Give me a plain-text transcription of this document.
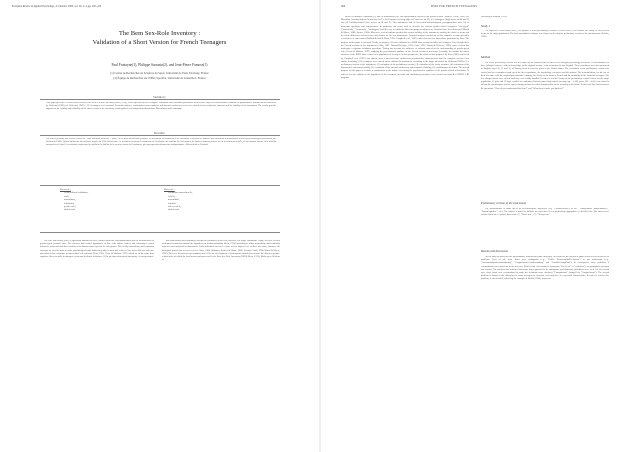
European Review of Applied Psychology, 4ᵉ trimestre 2006, vol. 56, nᵒ 4, pp. 405–416
The Bem Sex-Role Inventory :
Validation of a Short Version for French Teenagers
Paul Fontayne(1), Philippe Sarrazin(2), and Jean-Pierre Famose(1)
(1) Centre de Recherches en Sciences du Sport, Université de Paris XI-Orsay, France
(2) Équipe de Recherches sur l'Offre Sportive, Université de Grenoble I, France
Summary
This paper presents a French short version of the Bem Sex-Role Inventory (Bem, 1974), tested specifically for teenagers. Translation and validation procedures followed the steps for cross-cultural validation of psychometric instruments as advocated by Vallerand (1989) (cf. Vallerand, 1989). 1,216 teenagers were involved. Factorial analyses, confirmatory factor analyses and internal consistency tests were carried out to confirm the structure and the stability of the instrument. The results provide support for the validity and reliability of the short version of the inventory, which gathers two independent dimensions: Masculinity and Femininity.
Résumé
Cet article présente une version courte du « Bem Sex-Role Inventory » (Bem, 1974) pour adolescents français. La procédure de traduction et de validation a respecté les étapes d'une validation transculturelle d'outils psychométriques préconisée par Vallerand (1989). Quatre études ont été réalisées auprès de 1216 adolescents : la première concerne la traduction et l'évaluation du contenu de l'instrument, les études suivantes portent sur la structure factorielle, la consistance interne et la stabilité temporelle de l'outil. Les résultats confirment la validité et la fidélité de la version courte de l'inventaire, qui regroupe deux dimensions indépendantes : Masculinité et Féminité.
Keywords :
Cross-cultural validation,
scale,
masculinity,
femininity,
gender roles,
adolescents.
Mots-clés :
Validation transculturelle,
échelle,
masculinité,
féminité,
rôles sexuels,
adolescents.
Over the last twenty years, a significant amount has been written about the conceptualization and the measurement of gender-typed (sexual) roles. The theories that treated hypotheses in line with culture studies and encourages certain behaviors, traits and activities considered as characteristics specific to each gender. This is why masculinity and femininity concepts are used in order to make psychological traits linked to gender to men and women. Once these different roles are internalized they constitute gender-related self-schemas (Bem, 1981; Cross & Madson, 1997) which are at the same time cognitive filters in order to interpret events and to dictate behaviors. (1) In previous theoretical statements, it was presumed
that masculinity and femininity concepts are positioned at the two extremes of a single continuum. Today, one now exists a widespread consensus around the hypothesis of bi-dimensionality (Bem, 1974) according to which masculinity and femininity represent two independent dimensions. Each individual can have a more or less higher level of these two traits, whatever the biological gender (for a review refer to Alain, 1984; Hoffman, Borders & Hattie, 2000; Lorenzi-Cioldi, 1994; Marsh & Myers, 1986). This new theoretical representation has led to the development of instruments intended to measure the different gender-related roles of which the best known and most used is the Bem Sex-Role Inventory (BSRI) (Bem, 1974). Made up of 60 items of
406	BSRI FOR FRENCH TEENAGERS
which 20 measure Femininity (F) and 20 Masculinity (M), this questionnaire assesses four gender-related "profiles" (Bem, 1981): (a) Masculine (scoring high on M and low on F), (b) Feminine (scoring high on F and low on M), (c) Androgyne (high scores on M and F) and (d) Undifferentiated (low scores on M and F). This instrument and its theoretical/methodological presuppositions have led to numerous questions and controversies. In particular, the terms used to describe the various gender-related categories "sex-typed" ("masculinity", "femininity", "androgyny") and the way in which the different groups of subjects are classified have been discussed (Marsh & Myers, 1986; Spence, 1984). Moreover, several authors question the content validity of the instrument, notably the choice of items and the mean differences between men and women on the two dimensions. Factorial analyses carried out on the complete version generally reveal three or four factors (Ballard-Reisch & Elton, 1992; Campbell et al., 1997) rather than the two dimensions postulated by Bem. The purpose of this paper is two-fold. Firstly, to propose a French validation of a BSRI short version intended for teenagers. Even though there are French versions of the instrument (Alain, 1987; Durand-Delvigne, 1992; Gana, 1995; Hurtig & Pichevin, 1990), none of them has undergone a rigorous validation procedure. Taking into account the influence of cultural context on the understanding of gender-typed roles (Cross & Madson, 1997), studying the psychometric qualities of the French version is necessary. Secondly, to examine the factor structure of the BSRI short version on a population of teenagers. In this perspective, the short version proposed by Bem (1981) and tested by Campbell et al. (1997) was chosen, since it presents more satisfactory psychometric characteristics than the complete version. Four studies involving 1,216 teenagers were carried out to validate the instrument, according to the stages advocated by Vallerand (1989): (1) a preliminary version of the instrument, (2) evaluation of the preliminary version, (3) evaluation of the factor structure, (4) evaluation of the instrument's concurrent validity, (5) evaluation of the internal consistency and temporal reliability, (6) establishment of norms. The second purpose of this paper is to make a contribution to the debate concerning the psychometric qualities of the gender-related self-schema. In order to test the validity of the hypothesis of the construct, factorial and confirmatory analyses were carried out using the LISREL VIII program.
(Joreskog & Sörbom, 1993).
Study 1
The objective of this study was (1) to propose a BSRI preliminary version in French and (2) to evaluate the clarity of this version items for the target population. The back-translation technique was chosen to develop the preliminary version of the questionnaire (Brislin, 1986).
Method
The BSRI preliminary version was developed by the authors with the advice of a bilingual psychology researcher. It was submitted to three bilingual experts - with no knowledge of the original version - who retranslated it into English. These translators were then presented in English, aged 43, 55 and 52, all having lived at least ten years in the United States. The evaluation of the preliminary version was carried out by a committee made up of the three translators, the psychology researcher and the authors. The reformulations, for the use of their relevance with the original questionnaire's identity, the clarity of the items in French and the suitability of the items for teenagers. The few disagreements were solved until they were totally handled. In order to test the clarity of the preliminary version's items for the target population, 12 girls and 13 boys enrolled at a suburban Parisian junior high school (average age = 14.01 years, SD = 0.43) were asked to fill out the questionnaire and to express during an interview their interpretation of the meaning of the items. To this end, they had to answer the questions: "How do you understand this item?" and "What does it make you think of?"
Preliminary version of the instrument
The questionnaire is made up of 40 self-descriptive adjectives (e.g. "Confident/sûr(e) de soi", "Independent /indépendant(e)", "Sportif/sportive", etc.). The subject is asked to indicate for each item if it is particularly appropriate to describe him. The answers are written down on a 7-point Likert-scale: (1) "Never true", (7) "Always true".
Results and discussion
All the subjects answered the questionnaire without noticeable difficulty. Nevertheless, the interview phase allowed us to uncover two problems. First of all, some items were ambiguous (e.g., "Fidèle: Beaucoup/fidèle-loyaux") or not understood (e.g., "Accommodant/accommodating", "Compréhensive/understanding" and "Contrôlé/compliant"). In consequence these problems a reformulation was carried out in the first case. Either if one was chosen to synonyms ("sûr de soi" vs "confident"), an appropriate synonym was chosen. The analyses also indicated that some items appeared to be ambiguous, and dictionary definitions were used. For the second case, these items were reformulated to make the definition more obvious ("Compatissant" changed for "Compréhensif"). The second problem is linked to the difficulty for some teenagers to associate each adjective to a personal characteristic. In order to resolve this problem, it was decided, following the example of Brislin (1986), to present
